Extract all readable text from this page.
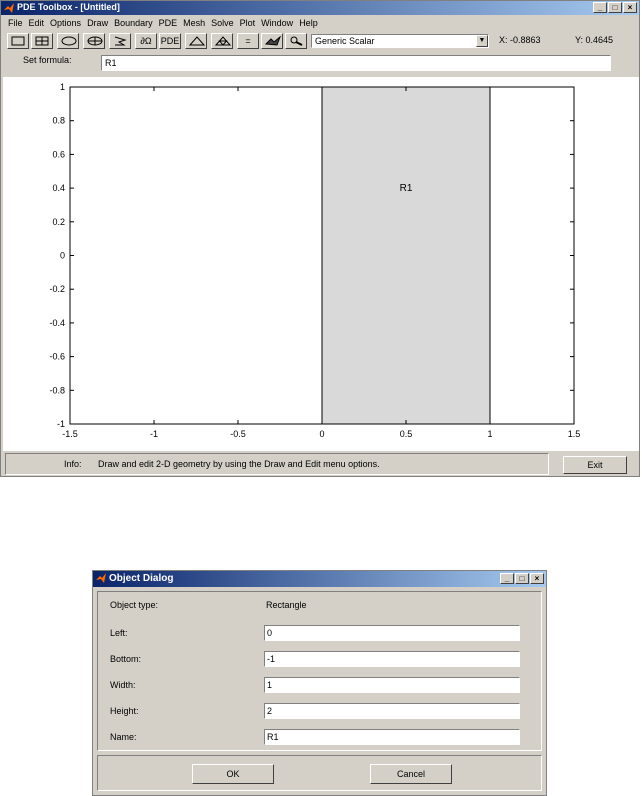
PDE Toolbox - [Untitled]	_	□	×
File Edit Options Draw Boundary PDE Mesh Solve Plot Window Help
∂Ω	PDE	=	Generic Scalar	▼ X: -0.8863	Y: 0.4645
Set formula:
R1
R1
-1.5	-1	-0.5	0	0.5	1	1.5
1
0.8
0.6
0.4
0.2
0
-0.2
-0.4
-0.6
-0.8
-1
Info: Draw and edit 2-D geometry by using the Draw and Edit menu options.	Exit
Object Dialog	_	□	×
Object type:	Rectangle
Left:
0
Bottom:
-1
Width:
1
Height:
2
Name:
R1
OK	Cancel
